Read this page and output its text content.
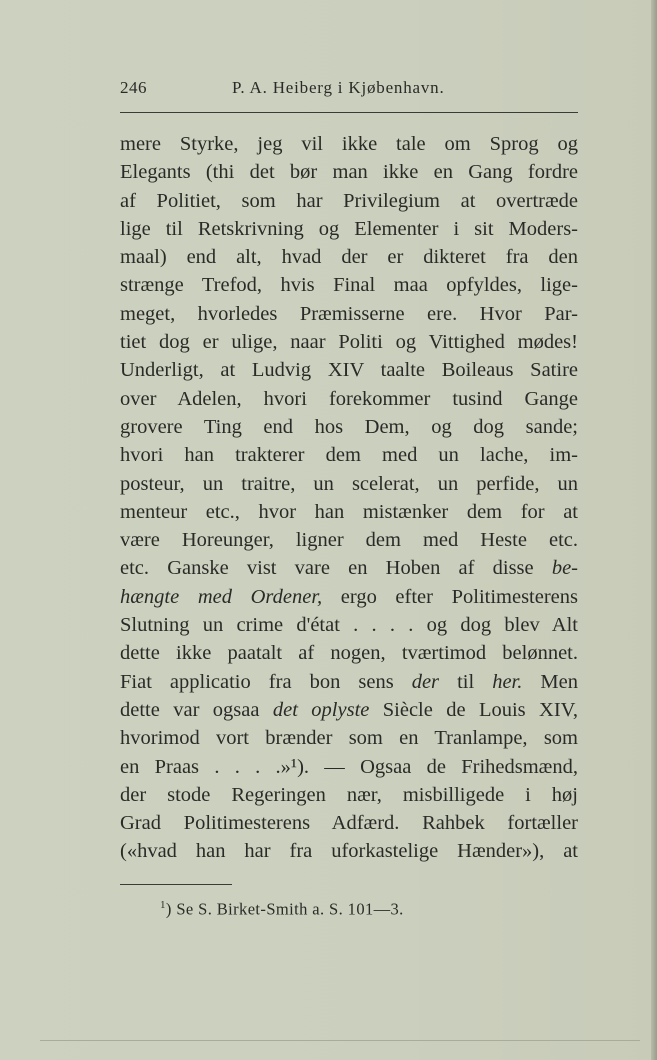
246	P. A. Heiberg i Kjøbenhavn.
mere Styrke, jeg vil ikke tale om Sprog og
Elegants (thi det bør man ikke en Gang fordre
af Politiet, som har Privilegium at overtræde
lige til Retskrivning og Elementer i sit Moders-
maal) end alt, hvad der er dikteret fra den
strænge Trefod, hvis Final maa opfyldes, lige-
meget, hvorledes Præmisserne ere. Hvor Par-
tiet dog er ulige, naar Politi og Vittighed mødes!
Underligt, at Ludvig XIV taalte Boileaus Satire
over Adelen, hvori forekommer tusind Gange
grovere Ting end hos Dem, og dog sande;
hvori han trakterer dem med un lache, im-
posteur, un traitre, un scelerat, un perfide, un
menteur etc., hvor han mistænker dem for at
være Horeunger, ligner dem med Heste etc.
etc. Ganske vist vare en Hoben af disse be-
hængte med Ordener, ergo efter Politimesterens
Slutning un crime d'état . . . . og dog blev Alt
dette ikke paatalt af nogen, tværtimod belønnet.
Fiat applicatio fra bon sens der til her. Men
dette var ogsaa det oplyste Siècle de Louis XIV,
hvorimod vort brænder som en Tranlampe, som
en Praas . . . .»¹). — Ogsaa de Frihedsmænd,
der stode Regeringen nær, misbilligede i høj
Grad Politimesterens Adfærd. Rahbek fortæller
(«hvad han har fra uforkastelige Hænder»), at
$^1$) Se S. Birket-Smith a. S. 101—3.
